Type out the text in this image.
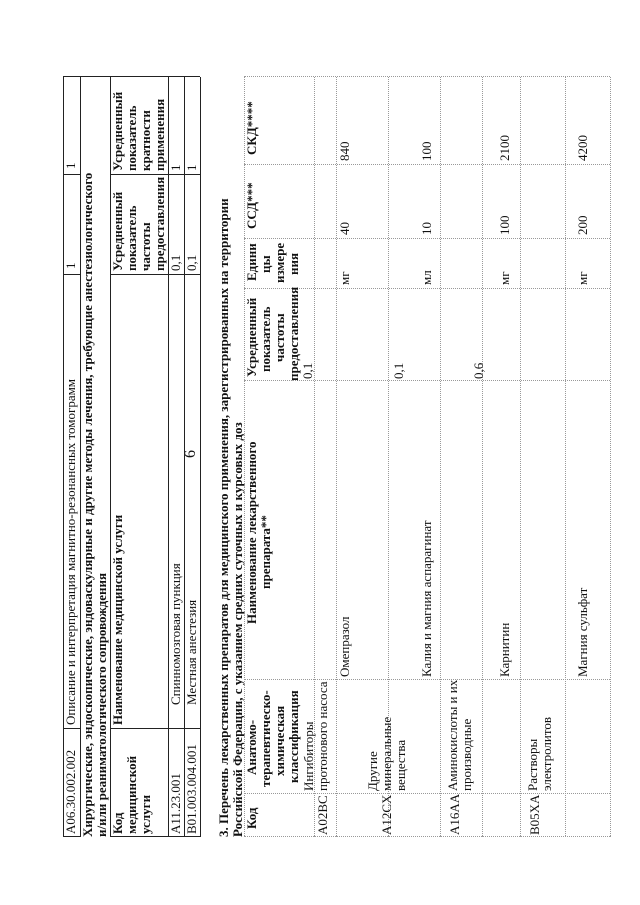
6
A06.30.002.002
Описание и интерпретация магнитно-резонансных томограмм
1
1
Хирургические, эндоскопические, эндоваскулярные и другие методы лечения, требующие анестезиологического и/или реаниматологического сопровождения Код медицинской услуги
Наименование медицинской услуги
Усредненный показатель частоты предоставления
Усредненный показатель кратности применения
A11.23.001
Спинномозговая пункция
0,1
1
B01.003.004.001
Местная анестезия
0,1
1
3. Перечень лекарственных препаратов для медицинского применения, зарегистрированных на территории Российской Федерации, с указанием средних суточных и курсовых доз Код
Анатомо- терапевтическо- химическая классификация
Наименование лекарственного препарата**
Усредненный показатель частоты предоставления
Едини цы измере ния
ССД***
СКД****
A02BC
Ингибиторы протонового насоса
0,1
Омепразол
мг
40
840
A12CX
Другие минеральные вещества
0,1
Калия и магния аспарагинат
мл
10
100
A16AA
Аминокислоты и их производные
0,6
Карнитин
мг
100
2100
B05XA
Растворы электролитов
Магния сульфат
мг
200
4200
